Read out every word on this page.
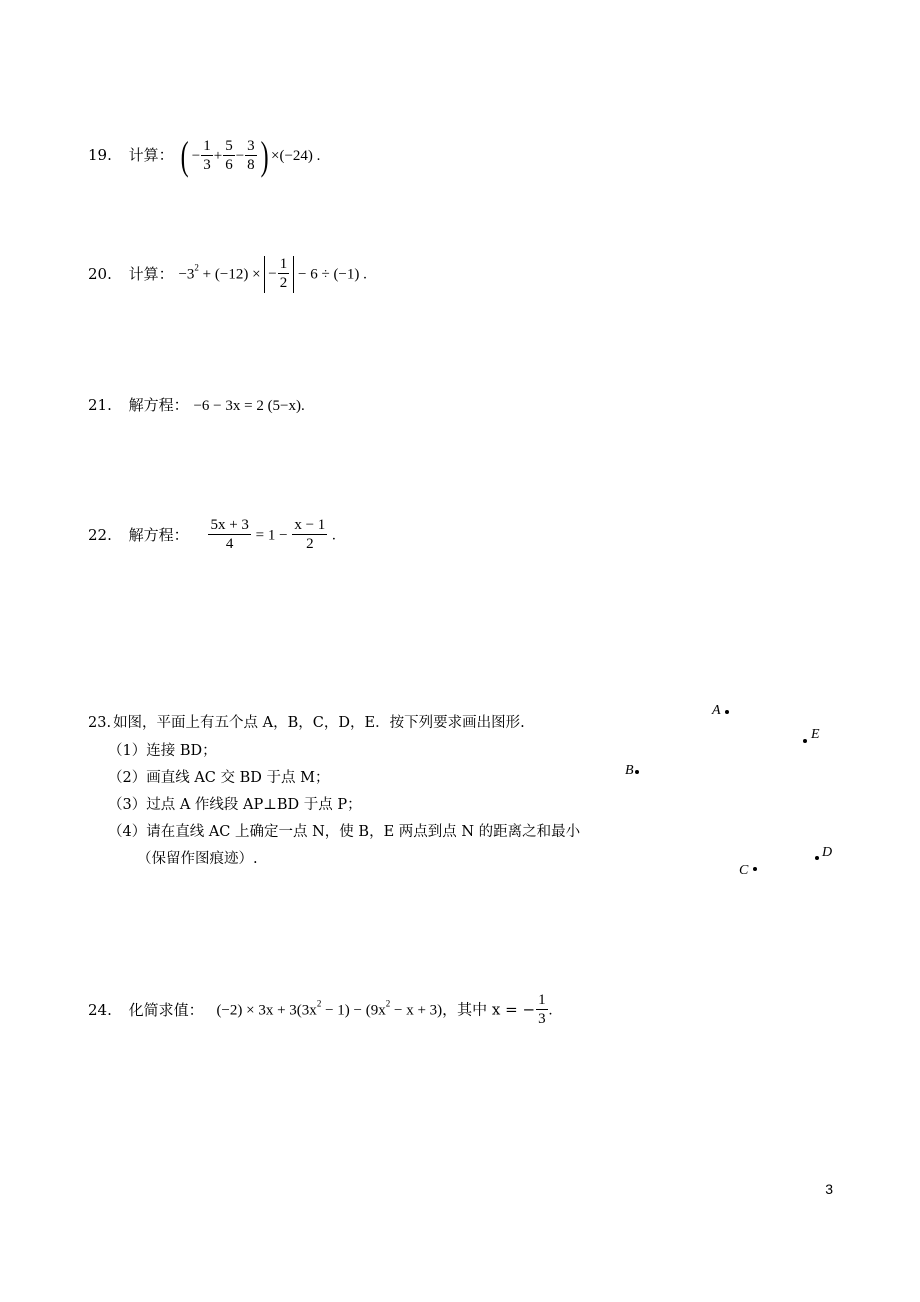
19. 计算： ( − $\frac{1}{3} + \frac{5}{6} - \frac{3}{8}$ ) ×(−24) .
20. 计算： $-3^2 + (-12)$ × − $\frac{1}{2} - 6 \div (-1)$ .
21. 解方程： −6 − 3x = 2 (5−x).
22. 解方程： $\frac{5x + 3}{4} = 1 - \frac{x - 1}{2}$ .
23. 如图，平面上有五个点 A，B，C，D，E．按下列要求画出图形.
（1）连接 BD；
（2）画直线 AC 交 BD 于点 M；
（3）过点 A 作线段 AP⊥BD 于点 P；
（4）请在直线 AC 上确定一点 N，使 B，E 两点到点 N 的距离之和最小
（保留作图痕迹）.
A
E
B
D
C
24. 化简求值： $(-2) \times 3x + 3(3x^2 - 1) - (9x^2 - x + 3)$，其中 x = − $\frac{1}{3}$ .
3
